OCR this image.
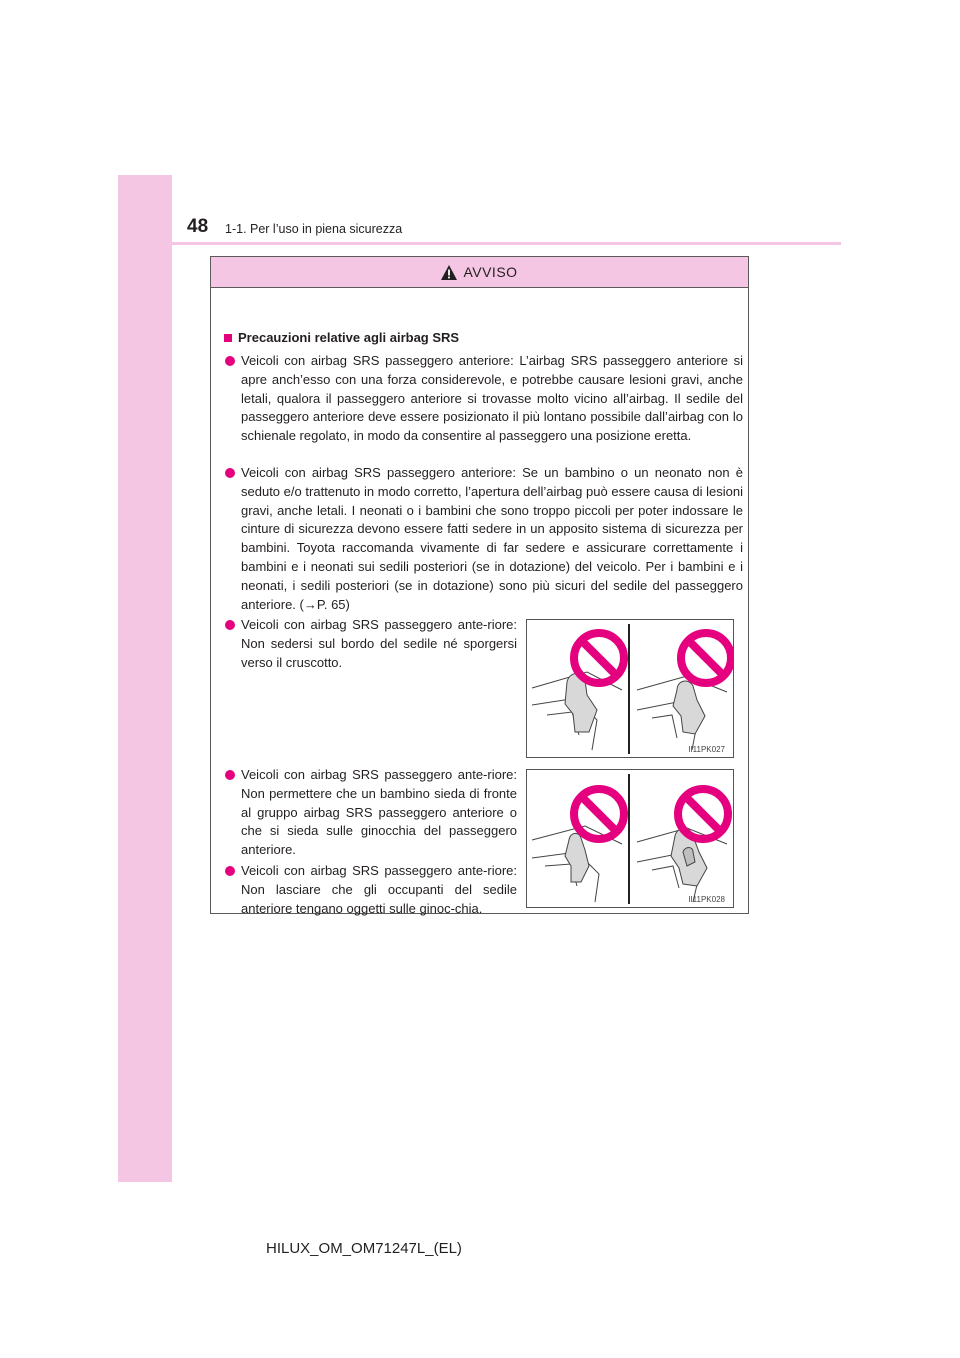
48 1-1. Per l’uso in piena sicurezza
AVVISO
Precauzioni relative agli airbag SRS
Veicoli con airbag SRS passeggero anteriore: L’airbag SRS passeggero anteriore si apre anch’esso con una forza considerevole, e potrebbe causare lesioni gravi, anche letali, qualora il passeggero anteriore si trovasse molto vicino all’airbag. Il sedile del passeggero anteriore deve essere posizionato il più lontano possibile dall’airbag con lo schienale regolato, in modo da consentire al passeggero una posizione eretta.
Veicoli con airbag SRS passeggero anteriore: Se un bambino o un neonato non è seduto e/o trattenuto in modo corretto, l’apertura dell’airbag può essere causa di lesioni gravi, anche letali. I neonati o i bambini che sono troppo piccoli per poter indossare le cinture di sicurezza devono essere fatti sedere in un apposito sistema di sicurezza per bambini. Toyota raccomanda vivamente di far sedere e assicurare correttamente i bambini e i neonati sui sedili posteriori (se in dotazione) del veicolo. Per i bambini e i neonati, i sedili posteriori (se in dotazione) sono più sicuri del sedile del passeggero anteriore. (→P. 65)
Veicoli con airbag SRS passeggero ante-riore: Non sedersi sul bordo del sedile né sporgersi verso il cruscotto.
Veicoli con airbag SRS passeggero ante-riore: Non permettere che un bambino sieda di fronte al gruppo airbag SRS passeggero anteriore o che si sieda sulle ginocchia del passeggero anteriore.
Veicoli con airbag SRS passeggero ante-riore: Non lasciare che gli occupanti del sedile anteriore tengano oggetti sulle ginoc-chia.
II11PK027
II11PK028
HILUX_OM_OM71247L_(EL)
